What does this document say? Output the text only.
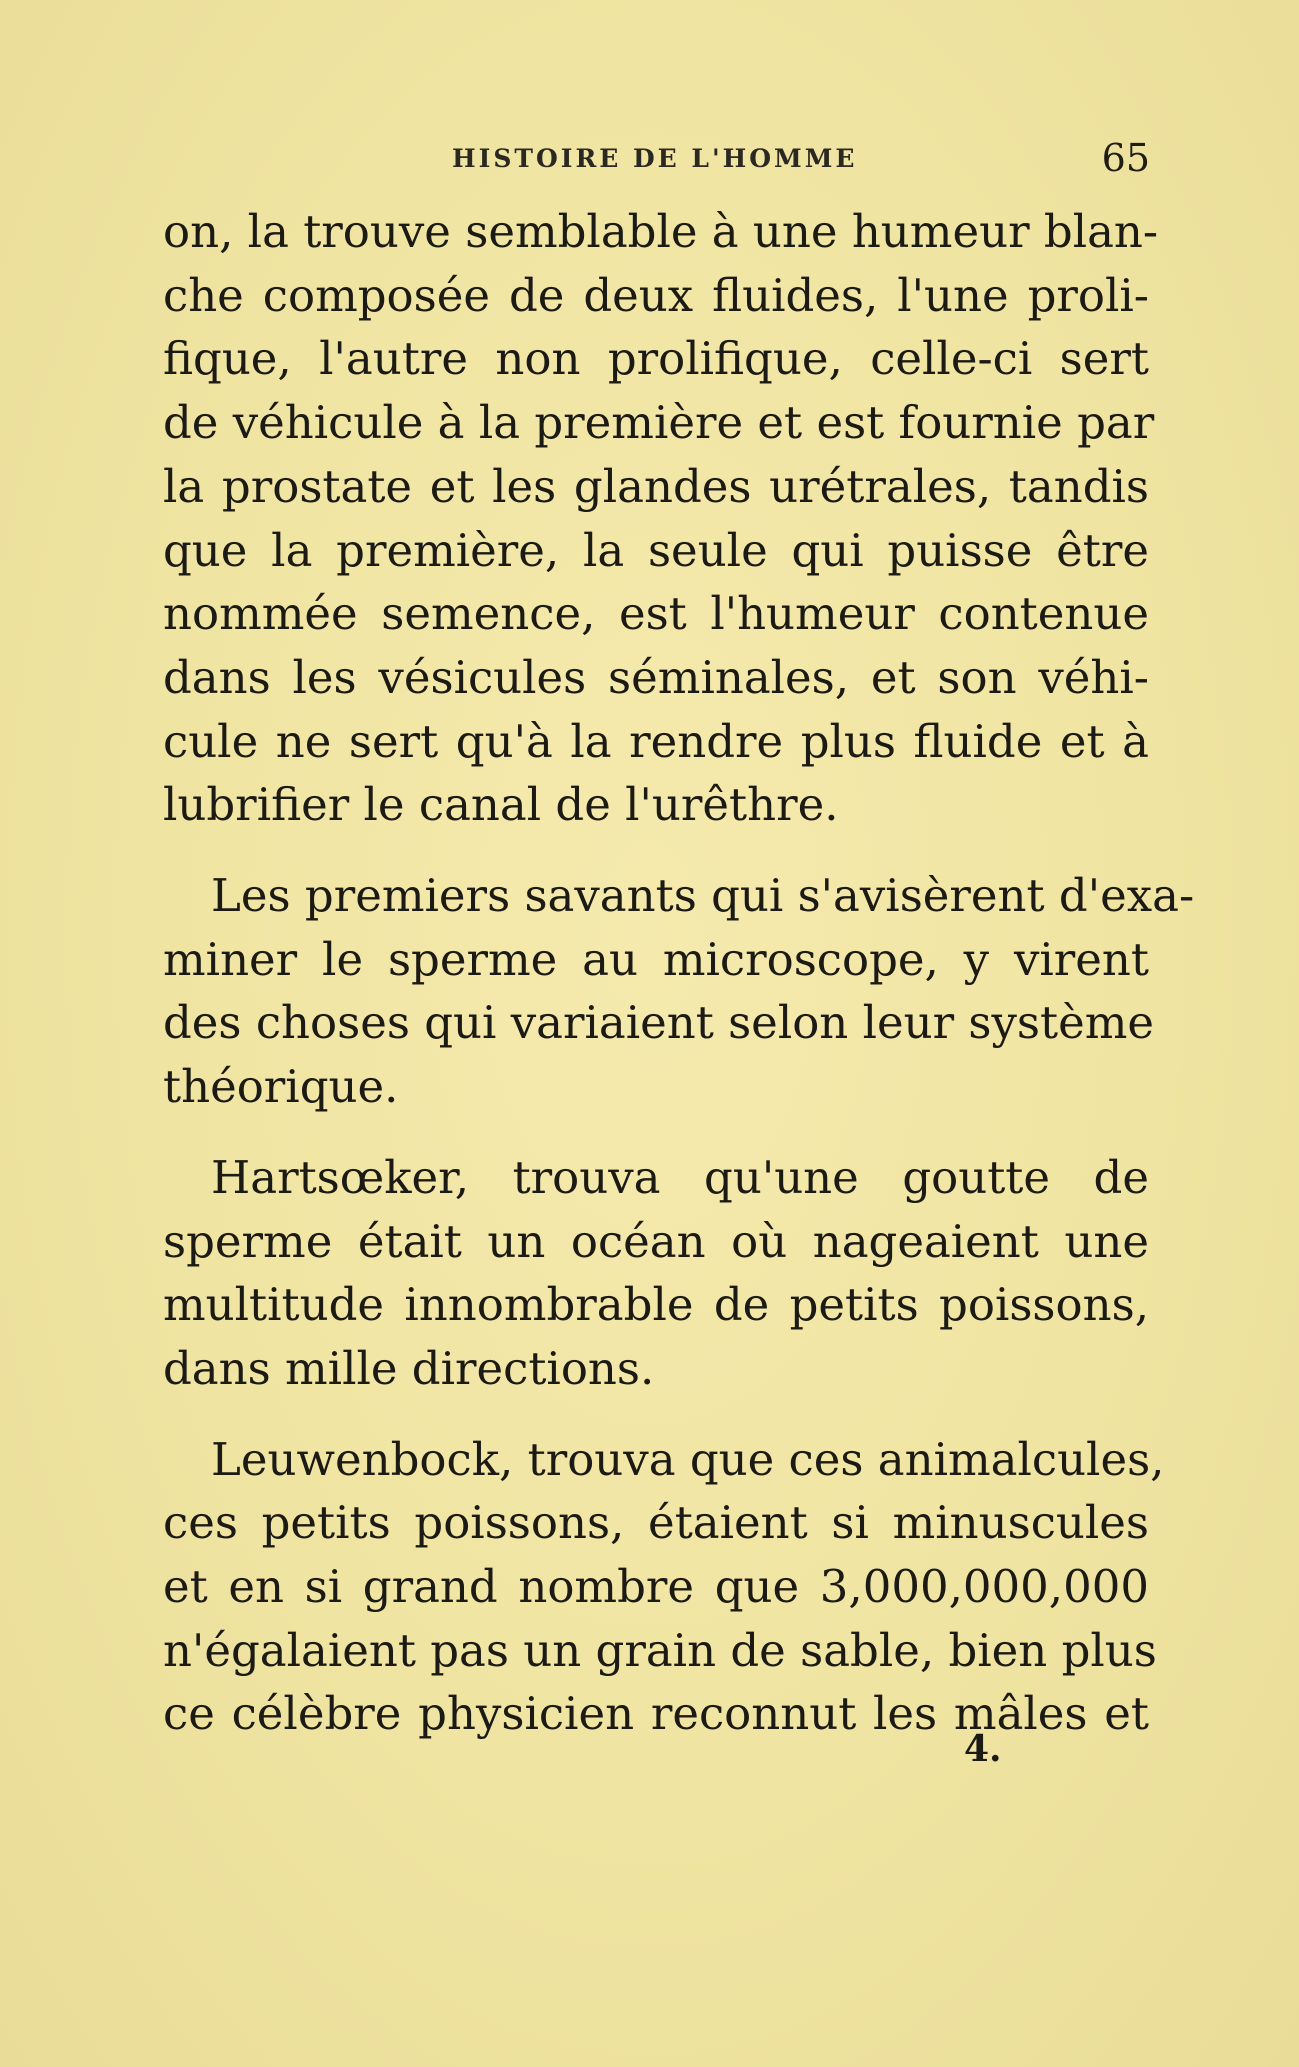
HISTOIRE DE L'HOMME	65

on, la trouve semblable à une humeur blan-
che composée de deux fluides, l'une proli-
fique, l'autre non prolifique, celle-ci sert
de véhicule à la première et est fournie par
la prostate et les glandes urétrales, tandis
que la première, la seule qui puisse être
nommée semence, est l'humeur contenue
dans les vésicules séminales, et son véhi-
cule ne sert qu'à la rendre plus fluide et à
lubrifier le canal de l'urêthre.

Les premiers savants qui s'avisèrent d'exa-
miner le sperme au microscope, y virent
des choses qui variaient selon leur système
théorique.

Hartsœker, trouva qu'une goutte de
sperme était un océan où nageaient une
multitude innombrable de petits poissons,
dans mille directions.

Leuwenbock, trouva que ces animalcules,
ces petits poissons, étaient si minuscules
et en si grand nombre que 3,000,000,000
n'égalaient pas un grain de sable, bien plus
ce célèbre physicien reconnut les mâles et

4.
